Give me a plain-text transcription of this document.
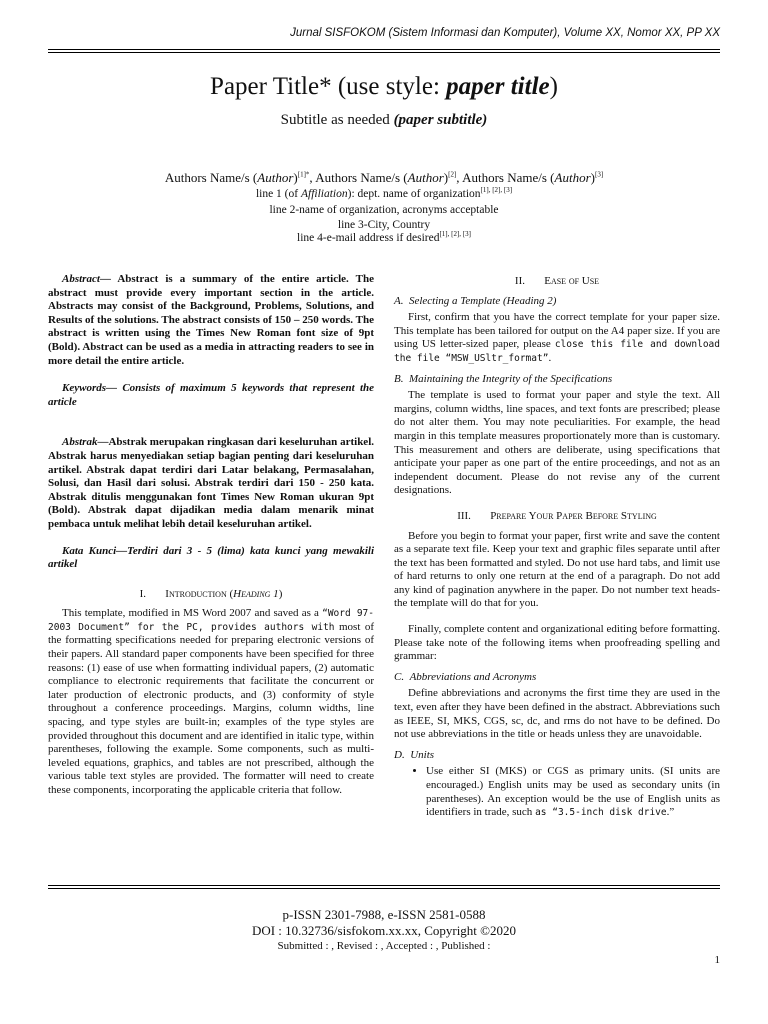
Jurnal SISFOKOM (Sistem Informasi dan Komputer), Volume XX, Nomor XX, PP XX
Paper Title* (use style: paper title)
Subtitle as needed (paper subtitle)
Authors Name/s (Author)$^{[1]*}$, Authors Name/s (Author)[2], Authors Name/s (Author)[3]
line 1 (of Affiliation): dept. name of organization[1], [2], [3]
line 2-name of organization, acronyms acceptable
line 3-City, Country
line 4-e-mail address if desired[1], [2], [3]

Abstract— Abstract is a summary of the entire article. The abstract must provide every important section in the article. Abstracts may consist of the Background, Problems, Solutions, and Results of the solutions. The abstract consists of 150 – 250 words. The abstract is written using the Times New Roman font size of 9pt (Bold). Abstract can be used as a media in attracting readers to see in more detail the entire article.

Keywords— Consists of maximum 5 keywords that represent the article

Abstrak—Abstrak merupakan ringkasan dari keseluruhan artikel. Abstrak harus menyediakan setiap bagian penting dari keseluruhan artikel. Abstrak dapat terdiri dari Latar belakang, Permasalahan, Solusi, dan Hasil dari solusi. Abstrak terdiri dari 150 - 250 kata. Abstrak ditulis menggunakan font Times New Roman ukuran 9pt (Bold). Abstrak dapat dijadikan media dalam menarik minat pembaca untuk melihat lebih detail keseluruhan artikel.

Kata Kunci—Terdiri dari 3 - 5 (lima) kata kunci yang mewakili artikel

I. Introduction (Heading 1)

This template, modified in MS Word 2007 and saved as a “Word 97-2003 Document” for the PC, provides authors with most of the formatting specifications needed for preparing electronic versions of their papers. All standard paper components have been specified for three reasons: (1) ease of use when formatting individual papers, (2) automatic compliance to electronic requirements that facilitate the concurrent or later production of electronic products, and (3) conformity of style throughout a conference proceedings. Margins, column widths, line spacing, and type styles are built-in; examples of the type styles are provided throughout this document and are identified in italic type, within parentheses, following the example. Some components, such as multi-leveled equations, graphics, and tables are not prescribed, although the various table text styles are provided. The formatter will need to create these components, incorporating the applicable criteria that follow.

II. Ease of Use

A.  Selecting a Template (Heading 2)

First, confirm that you have the correct template for your paper size. This template has been tailored for output on the A4 paper size. If you are using US letter-sized paper, please close this file and download the file “MSW_USltr_format”.

B.  Maintaining the Integrity of the Specifications

The template is used to format your paper and style the text. All margins, column widths, line spaces, and text fonts are prescribed; please do not alter them. You may note peculiarities. For example, the head margin in this template measures proportionately more than is customary. This measurement and others are deliberate, using specifications that anticipate your paper as one part of the entire proceedings, and not as an independent document. Please do not revise any of the current designations.

III. Prepare Your Paper Before Styling

Before you begin to format your paper, first write and save the content as a separate text file. Keep your text and graphic files separate until after the text has been formatted and styled. Do not use hard tabs, and limit use of hard returns to only one return at the end of a paragraph. Do not add any kind of pagination anywhere in the paper. Do not number text heads-the template will do that for you.

Finally, complete content and organizational editing before formatting. Please take note of the following items when proofreading spelling and grammar:

C.  Abbreviations and Acronyms

Define abbreviations and acronyms the first time they are used in the text, even after they have been defined in the abstract. Abbreviations such as IEEE, SI, MKS, CGS, sc, dc, and rms do not have to be defined. Do not use abbreviations in the title or heads unless they are unavoidable.

D.  Units

• Use either SI (MKS) or CGS as primary units. (SI units are encouraged.) English units may be used as secondary units (in parentheses). An exception would be the use of English units as identifiers in trade, such as “3.5-inch disk drive.”
p-ISSN 2301-7988, e-ISSN 2581-0588
DOI : 10.32736/sisfokom.xx.xx, Copyright ©2020
Submitted : , Revised : , Accepted : , Published :
1
